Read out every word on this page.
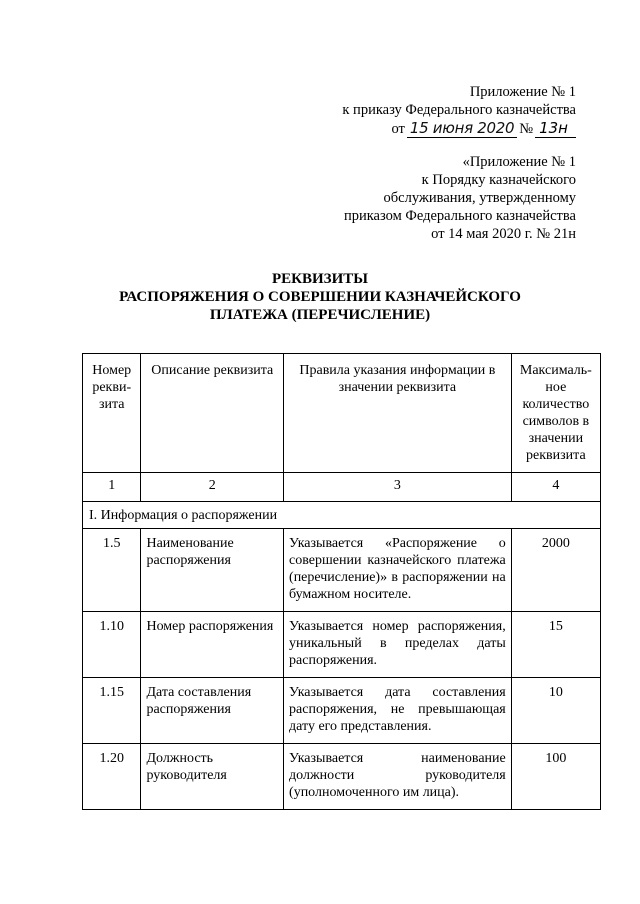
Приложение № 1
к приказу Федерального казначейства
от 15 июня 2020 № 13н
«Приложение № 1
к Порядку казначейского
обслуживания, утвержденному
приказом Федерального казначейства
от 14 мая 2020 г. № 21н
РЕКВИЗИТЫ
РАСПОРЯЖЕНИЯ О СОВЕРШЕНИИ КАЗНАЧЕЙСКОГО
ПЛАТЕЖА (ПЕРЕЧИСЛЕНИЕ)
Номер рекви-зита	Описание реквизита	Правила указания информации в значении реквизита	Максималь-ное количество символов в значении реквизита
1	2	3	4
I. Информация о распоряжении			
1.5	Наименование распоряжения	Указывается «Распоряжение о совершении казначейского платежа (перечисление)» в распоряжении на бумажном носителе.	2000
1.10	Номер распоряжения	Указывается номер распоряжения, уникальный в пределах даты распоряжения.	15
1.15	Дата составления распоряжения	Указывается дата составления распоряжения, не превышающая дату его представления.	10
1.20	Должность руководителя	Указывается наименование должности руководителя (уполномоченного им лица).	100
